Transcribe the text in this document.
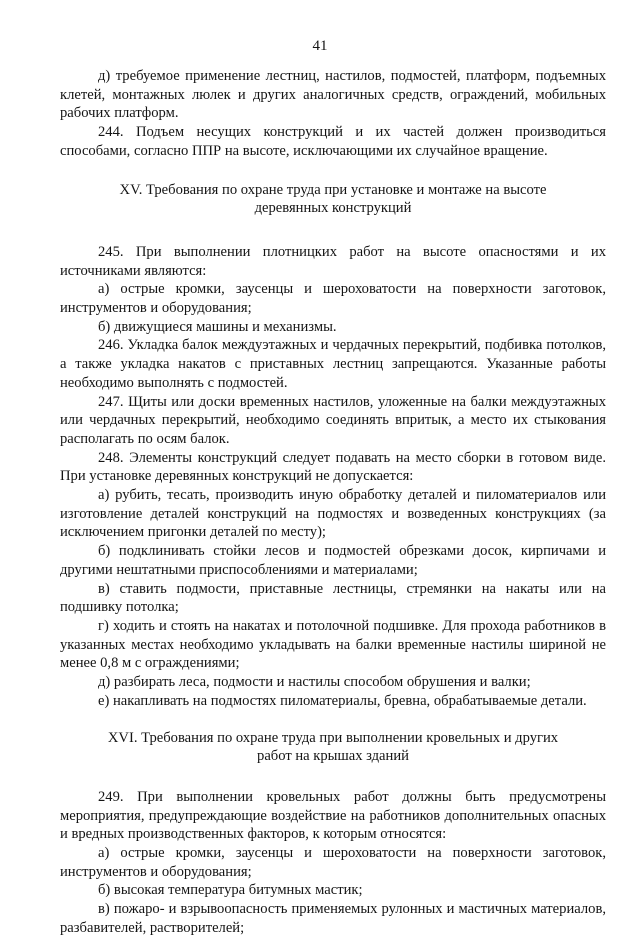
41

д) требуемое применение лестниц, настилов, подмостей, платформ, подъемных клетей, монтажных люлек и других аналогичных средств, ограждений, мобильных рабочих платформ.

244. Подъем несущих конструкций и их частей должен производиться способами, согласно ППР на высоте, исключающими их случайное вращение.

XV. Требования по охране труда при установке и монтаже на высоте деревянных конструкций

245. При выполнении плотницких работ на высоте опасностями и их источниками являются:

а) острые кромки, заусенцы и шероховатости на поверхности заготовок, инструментов и оборудования;

б) движущиеся машины и механизмы.

246. Укладка балок междуэтажных и чердачных перекрытий, подбивка потолков, а также укладка накатов с приставных лестниц запрещаются. Указанные работы необходимо выполнять с подмостей.

247. Щиты или доски временных настилов, уложенные на балки междуэтажных или чердачных перекрытий, необходимо соединять впритык, а место их стыкования располагать по осям балок.

248. Элементы конструкций следует подавать на место сборки в готовом виде. При установке деревянных конструкций не допускается:

а) рубить, тесать, производить иную обработку деталей и пиломатериалов или изготовление деталей конструкций на подмостях и возведенных конструкциях (за исключением пригонки деталей по месту);

б) подклинивать стойки лесов и подмостей обрезками досок, кирпичами и другими нештатными приспособлениями и материалами;

в) ставить подмости, приставные лестницы, стремянки на накаты или на подшивку потолка;

г) ходить и стоять на накатах и потолочной подшивке. Для прохода работников в указанных местах необходимо укладывать на балки временные настилы шириной не менее 0,8 м с ограждениями;

д) разбирать леса, подмости и настилы способом обрушения и валки;

е) накапливать на подмостях пиломатериалы, бревна, обрабатываемые детали.

XVI. Требования по охране труда при выполнении кровельных и других работ на крышах зданий

249. При выполнении кровельных работ должны быть предусмотрены мероприятия, предупреждающие воздействие на работников дополнительных опасных и вредных производственных факторов, к которым относятся:

а) острые кромки, заусенцы и шероховатости на поверхности заготовок, инструментов и оборудования;

б) высокая температура битумных мастик;

в) пожаро- и взрывоопасность применяемых рулонных и мастичных материалов, разбавителей, растворителей;
